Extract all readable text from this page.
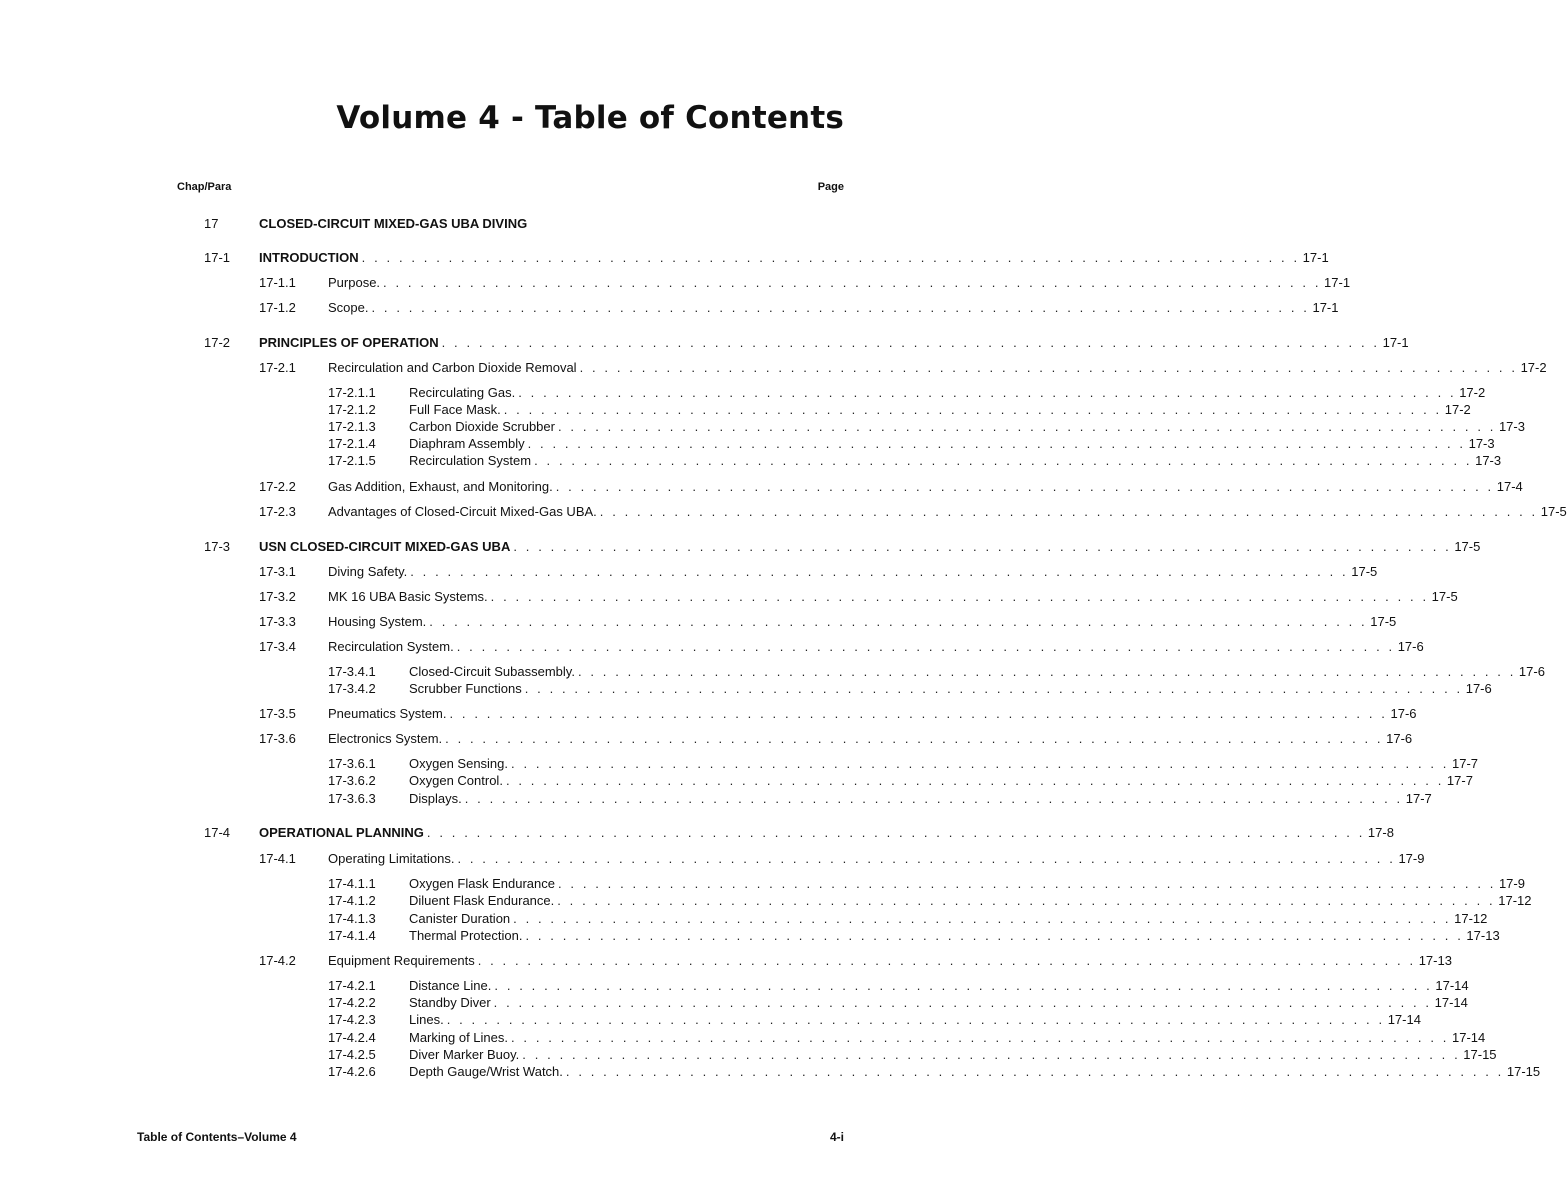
Volume 4 - Table of Contents
Chap/Para	Page
17	CLOSED-CIRCUIT MIXED-GAS UBA DIVING
17-1 INTRODUCTION . . . . . . . . . . . . . . . . . . . . . . . . . . . . . . . . . . . . . . . . . . . . . . . . . . . . . . . . . . . . . . . . . . . . . . . . . . . . 17-1
17-1.1 Purpose. . . . . . . . . . . . . . . . . . . . . . . . . . . . . . . . . . . . . . . . . . . . . . . . . . . . . . . . . . . . . . . . . . . . . . . . . . . . . 17-1
17-1.2 Scope. . . . . . . . . . . . . . . . . . . . . . . . . . . . . . . . . . . . . . . . . . . . . . . . . . . . . . . . . . . . . . . . . . . . . . . . . . . . . 17-1
17-2 PRINCIPLES OF OPERATION . . . . . . . . . . . . . . . . . . . . . . . . . . . . . . . . . . . . . . . . . . . . . . . . . . . . . . . . . . . . . . . . . . . . . . . . . . . . 17-1
17-2.1 Recirculation and Carbon Dioxide Removal . . . . . . . . . . . . . . . . . . . . . . . . . . . . . . . . . . . . . . . . . . . . . . . . . . . . . . . . . . . . . . . . . . . . . . . . . . . . 17-2
17-2.1.1	Recirculating Gas. . . . . . . . . . . . . . . . . . . . . . . . . . . . . . . . . . . . . . . . . . . . . . . . . . . . . . . . . . . . . . . . . . . . . . . . . . . . . 17-2
17-2.1.2	Full Face Mask. . . . . . . . . . . . . . . . . . . . . . . . . . . . . . . . . . . . . . . . . . . . . . . . . . . . . . . . . . . . . . . . . . . . . . . . . . . . . 17-2
17-2.1.3	Carbon Dioxide Scrubber . . . . . . . . . . . . . . . . . . . . . . . . . . . . . . . . . . . . . . . . . . . . . . . . . . . . . . . . . . . . . . . . . . . . . . . . . . . . 17-3
17-2.1.4	Diaphram Assembly . . . . . . . . . . . . . . . . . . . . . . . . . . . . . . . . . . . . . . . . . . . . . . . . . . . . . . . . . . . . . . . . . . . . . . . . . . . . 17-3
17-2.1.5	Recirculation System . . . . . . . . . . . . . . . . . . . . . . . . . . . . . . . . . . . . . . . . . . . . . . . . . . . . . . . . . . . . . . . . . . . . . . . . . . . . 17-3
17-2.2 Gas Addition, Exhaust, and Monitoring. . . . . . . . . . . . . . . . . . . . . . . . . . . . . . . . . . . . . . . . . . . . . . . . . . . . . . . . . . . . . . . . . . . . . . . . . . . . . 17-4
17-2.3 Advantages of Closed-Circuit Mixed-Gas UBA. . . . . . . . . . . . . . . . . . . . . . . . . . . . . . . . . . . . . . . . . . . . . . . . . . . . . . . . . . . . . . . . . . . . . . . . . . . . . 17-5
17-3 USN CLOSED-CIRCUIT MIXED-GAS UBA . . . . . . . . . . . . . . . . . . . . . . . . . . . . . . . . . . . . . . . . . . . . . . . . . . . . . . . . . . . . . . . . . . . . . . . . . . . . 17-5
17-3.1 Diving Safety. . . . . . . . . . . . . . . . . . . . . . . . . . . . . . . . . . . . . . . . . . . . . . . . . . . . . . . . . . . . . . . . . . . . . . . . . . . . . 17-5
17-3.2 MK 16 UBA Basic Systems. . . . . . . . . . . . . . . . . . . . . . . . . . . . . . . . . . . . . . . . . . . . . . . . . . . . . . . . . . . . . . . . . . . . . . . . . . . . . 17-5
17-3.3 Housing System. . . . . . . . . . . . . . . . . . . . . . . . . . . . . . . . . . . . . . . . . . . . . . . . . . . . . . . . . . . . . . . . . . . . . . . . . . . . . 17-5
17-3.4 Recirculation System. . . . . . . . . . . . . . . . . . . . . . . . . . . . . . . . . . . . . . . . . . . . . . . . . . . . . . . . . . . . . . . . . . . . . . . . . . . . . 17-6
17-3.4.1	Closed-Circuit Subassembly. . . . . . . . . . . . . . . . . . . . . . . . . . . . . . . . . . . . . . . . . . . . . . . . . . . . . . . . . . . . . . . . . . . . . . . . . . . . . 17-6
17-3.4.2	Scrubber Functions . . . . . . . . . . . . . . . . . . . . . . . . . . . . . . . . . . . . . . . . . . . . . . . . . . . . . . . . . . . . . . . . . . . . . . . . . . . . 17-6
17-3.5 Pneumatics System. . . . . . . . . . . . . . . . . . . . . . . . . . . . . . . . . . . . . . . . . . . . . . . . . . . . . . . . . . . . . . . . . . . . . . . . . . . . . 17-6
17-3.6 Electronics System. . . . . . . . . . . . . . . . . . . . . . . . . . . . . . . . . . . . . . . . . . . . . . . . . . . . . . . . . . . . . . . . . . . . . . . . . . . . . 17-6
17-3.6.1	Oxygen Sensing. . . . . . . . . . . . . . . . . . . . . . . . . . . . . . . . . . . . . . . . . . . . . . . . . . . . . . . . . . . . . . . . . . . . . . . . . . . . . 17-7
17-3.6.2	Oxygen Control. . . . . . . . . . . . . . . . . . . . . . . . . . . . . . . . . . . . . . . . . . . . . . . . . . . . . . . . . . . . . . . . . . . . . . . . . . . . . 17-7
17-3.6.3	Displays. . . . . . . . . . . . . . . . . . . . . . . . . . . . . . . . . . . . . . . . . . . . . . . . . . . . . . . . . . . . . . . . . . . . . . . . . . . . . 17-7
17-4 OPERATIONAL PLANNING . . . . . . . . . . . . . . . . . . . . . . . . . . . . . . . . . . . . . . . . . . . . . . . . . . . . . . . . . . . . . . . . . . . . . . . . . . . . 17-8
17-4.1 Operating Limitations. . . . . . . . . . . . . . . . . . . . . . . . . . . . . . . . . . . . . . . . . . . . . . . . . . . . . . . . . . . . . . . . . . . . . . . . . . . . . 17-9
17-4.1.1	Oxygen Flask Endurance . . . . . . . . . . . . . . . . . . . . . . . . . . . . . . . . . . . . . . . . . . . . . . . . . . . . . . . . . . . . . . . . . . . . . . . . . . . . 17-9
17-4.1.2	Diluent Flask Endurance. . . . . . . . . . . . . . . . . . . . . . . . . . . . . . . . . . . . . . . . . . . . . . . . . . . . . . . . . . . . . . . . . . . . . . . . . . . . . 17-12
17-4.1.3	Canister Duration . . . . . . . . . . . . . . . . . . . . . . . . . . . . . . . . . . . . . . . . . . . . . . . . . . . . . . . . . . . . . . . . . . . . . . . . . . . . 17-12
17-4.1.4	Thermal Protection. . . . . . . . . . . . . . . . . . . . . . . . . . . . . . . . . . . . . . . . . . . . . . . . . . . . . . . . . . . . . . . . . . . . . . . . . . . . . 17-13
17-4.2 Equipment Requirements . . . . . . . . . . . . . . . . . . . . . . . . . . . . . . . . . . . . . . . . . . . . . . . . . . . . . . . . . . . . . . . . . . . . . . . . . . . . 17-13
17-4.2.1	Distance Line. . . . . . . . . . . . . . . . . . . . . . . . . . . . . . . . . . . . . . . . . . . . . . . . . . . . . . . . . . . . . . . . . . . . . . . . . . . . . 17-14
17-4.2.2	Standby Diver . . . . . . . . . . . . . . . . . . . . . . . . . . . . . . . . . . . . . . . . . . . . . . . . . . . . . . . . . . . . . . . . . . . . . . . . . . . . 17-14
17-4.2.3	Lines. . . . . . . . . . . . . . . . . . . . . . . . . . . . . . . . . . . . . . . . . . . . . . . . . . . . . . . . . . . . . . . . . . . . . . . . . . . . . 17-14
17-4.2.4	Marking of Lines. . . . . . . . . . . . . . . . . . . . . . . . . . . . . . . . . . . . . . . . . . . . . . . . . . . . . . . . . . . . . . . . . . . . . . . . . . . . . 17-14
17-4.2.5	Diver Marker Buoy. . . . . . . . . . . . . . . . . . . . . . . . . . . . . . . . . . . . . . . . . . . . . . . . . . . . . . . . . . . . . . . . . . . . . . . . . . . . . 17-15
17-4.2.6	Depth Gauge/Wrist Watch. . . . . . . . . . . . . . . . . . . . . . . . . . . . . . . . . . . . . . . . . . . . . . . . . . . . . . . . . . . . . . . . . . . . . . . . . . . . . 17-15
Table of Contents–Volume 4	4-i
